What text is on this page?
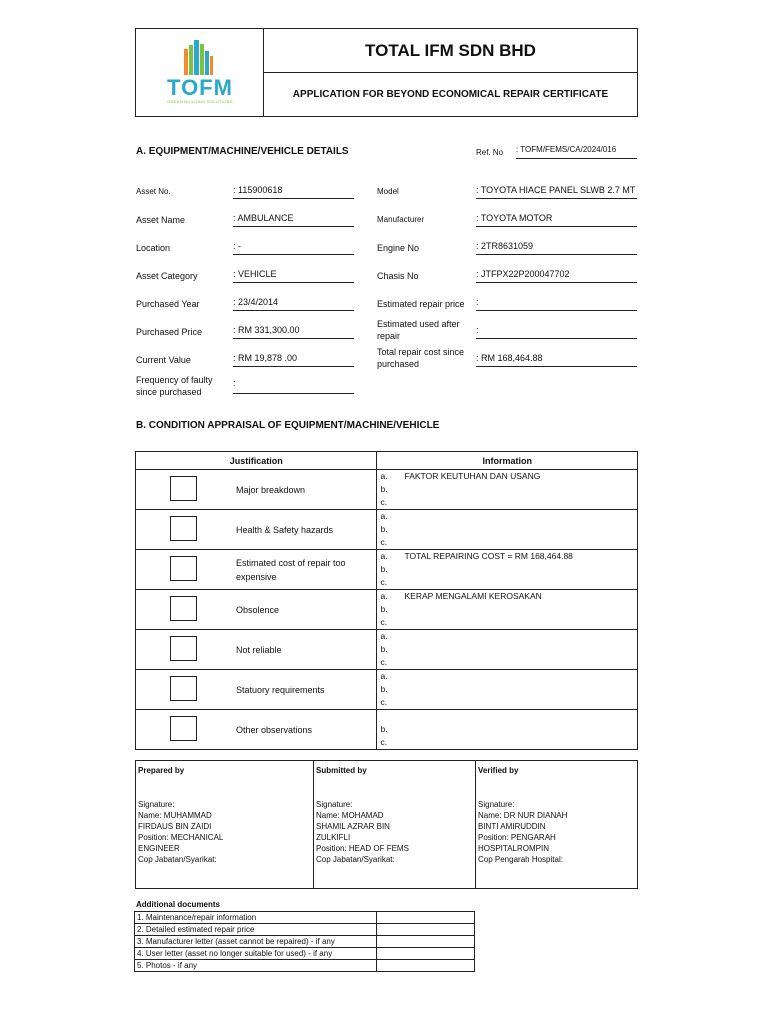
TOFM
GREEN BUILDING SOLUTIONS
TOTAL IFM SDN BHD
APPLICATION FOR BEYOND ECONOMICAL REPAIR CERTIFICATE
A. EQUIPMENT/MACHINE/VEHICLE DETAILS	Ref. No : TOFM/FEMS/CA/2024/016
Asset No.	: 115900618
Asset Name	: AMBULANCE
Location	: -
Asset Category	: VEHICLE
Purchased Year	: 23/4/2014
Purchased Price	: RM 331,300.00
Current Value	: RM 19,878 .00
Frequency of faulty since purchased
:
Model	: TOYOTA HIACE PANEL SLWB 2.7 MT
Manufacturer	: TOYOTA MOTOR
Engine No	: 2TR8631059
Chasis No	: JTFPX22P200047702
Estimated repair price	:
Estimated used after repair
:
Total repair cost since purchased
: RM 168,464.88
B. CONDITION APPRAISAL OF EQUIPMENT/MACHINE/VEHICLE
Justification	Information

Major breakdown	a. FAKTOR KEUTUHAN DAN USANG
b.
c.

Health & Safety hazards	a.
b.
c.

Estimated cost of repair too expensive	a. TOTAL REPAIRING COST = RM 168,464.88
b.
c.

Obsolence	a. KERAP MENGALAMI KEROSAKAN
b.
c.

Not reliable	a.
b.
c.

Statuory requirements	a.
b.
c.

Other observations	b.
c.
Prepared by
Signature:
Name: MUHAMMAD
FIRDAUS BIN ZAIDI
Position: MECHANICAL
ENGINEER
Cop Jabatan/Syarikat:
Submitted by
Signature:
Name: MOHAMAD
SHAMIL AZRAR BIN
ZULKIFLI
Position: HEAD OF FEMS
Cop Jabatan/Syarikat:
Verified by
Signature:
Name: DR NUR DIANAH
BINTI AMIRUDDIN
Position: PENGARAH
HOSPITALROMPIN
Cop Pengarah Hospital:
Additional documents
1. Maintenance/repair information	
2. Detailed estimated repair price	
3. Manufacturer letter (asset cannot be repaired) - if any	
4. User letter (asset no longer suitable for used) - if any	
5. Photos - if any	
